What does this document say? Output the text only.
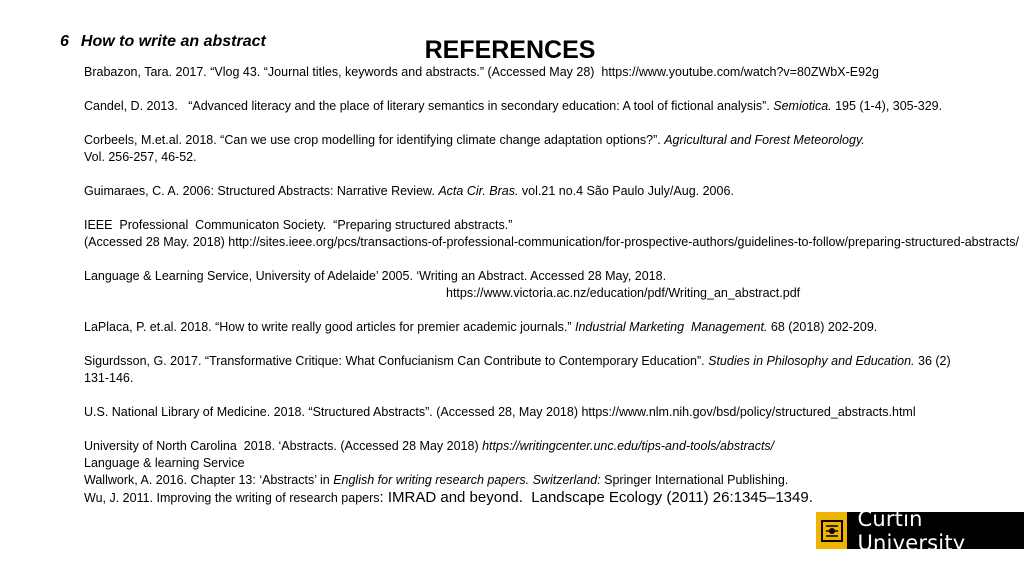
6 How to write an abstract	REFERENCES
Brabazon, Tara. 2017. “Vlog 43. “Journal titles, keywords and abstracts.” (Accessed May 28)  https://www.youtube.com/watch?v=80ZWbX-E92g
Candel, D. 2013.   “Advanced literacy and the place of literary semantics in secondary education: A tool of fictional analysis”. Semiotica. 195 (1-4), 305-329.
Corbeels, M.et.al. 2018. “Can we use crop modelling for identifying climate change adaptation options?”. Agricultural and Forest Meteorology.
Vol. 256-257, 46-52.
Guimaraes, C. A. 2006: Structured Abstracts: Narrative Review. Acta Cir. Bras. vol.21 no.4 São Paulo July/Aug. 2006.
IEEE  Professional  Communicaton Society.  “Preparing structured abstracts.”
(Accessed 28 May. 2018) http://sites.ieee.org/pcs/transactions-of-professional-communication/for-prospective-authors/guidelines-to-follow/preparing-structured-abstracts/
Language & Learning Service, University of Adelaide’ 2005. ‘Writing an Abstract. Accessed 28 May, 2018.
https://www.victoria.ac.nz/education/pdf/Writing_an_abstract.pdf
LaPlaca, P. et.al. 2018. “How to write really good articles for premier academic journals.” Industrial Marketing  Management. 68 (2018) 202-209.
Sigurdsson, G. 2017. “Transformative Critique: What Confucianism Can Contribute to Contemporary Education”. Studies in Philosophy and Education. 36 (2)
131-146.
U.S. National Library of Medicine. 2018. “Structured Abstracts”. (Accessed 28, May 2018) https://www.nlm.nih.gov/bsd/policy/structured_abstracts.html
University of North Carolina  2018. ‘Abstracts. (Accessed 28 May 2018) https://writingcenter.unc.edu/tips-and-tools/abstracts/
Language & learning Service
Wallwork, A. 2016. Chapter 13: ‘Abstracts’ in English for writing research papers. Switzerland: Springer International Publishing.
Wu, J. 2011. Improving the writing of research papers: IMRAD and beyond.  Landscape Ecology (2011) 26:1345–1349.
Curtin University
